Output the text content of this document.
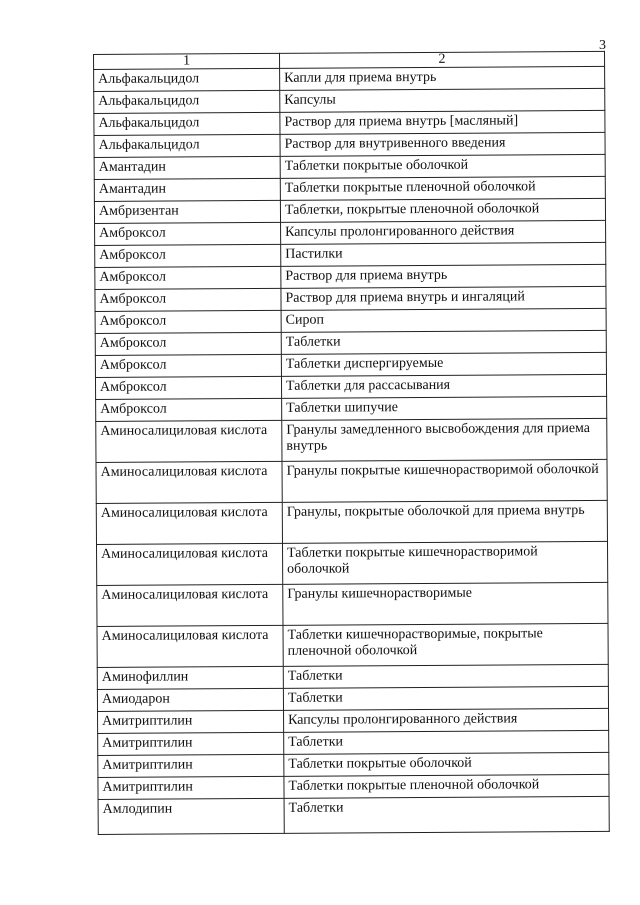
3
1	2
Альфакальцидол	Капли для приема внутрь
Альфакальцидол	Капсулы
Альфакальцидол	Раствор для приема внутрь [масляный]
Альфакальцидол	Раствор для внутривенного введения
Амантадин	Таблетки покрытые оболочкой
Амантадин	Таблетки покрытые пленочной оболочкой
Амбризентан	Таблетки, покрытые пленочной оболочкой
Амброксол	Капсулы пролонгированного действия
Амброксол	Пастилки
Амброксол	Раствор для приема внутрь
Амброксол	Раствор для приема внутрь и ингаляций
Амброксол	Сироп
Амброксол	Таблетки
Амброксол	Таблетки диспергируемые
Амброксол	Таблетки для рассасывания
Амброксол	Таблетки шипучие
Аминосалициловая кислота	Гранулы замедленного высвобождения для приема внутрь
Аминосалициловая кислота	Гранулы покрытые кишечнорастворимой оболочкой
Аминосалициловая кислота	Гранулы, покрытые оболочкой для приема внутрь
Аминосалициловая кислота	Таблетки покрытые кишечнорастворимой оболочкой
Аминосалициловая кислота	Гранулы кишечнорастворимые
Аминосалициловая кислота	Таблетки кишечнорастворимые, покрытые пленочной оболочкой
Аминофиллин	Таблетки
Амиодарон	Таблетки
Амитриптилин	Капсулы пролонгированного действия
Амитриптилин	Таблетки
Амитриптилин	Таблетки покрытые оболочкой
Амитриптилин	Таблетки покрытые пленочной оболочкой
Амлодипин	Таблетки
